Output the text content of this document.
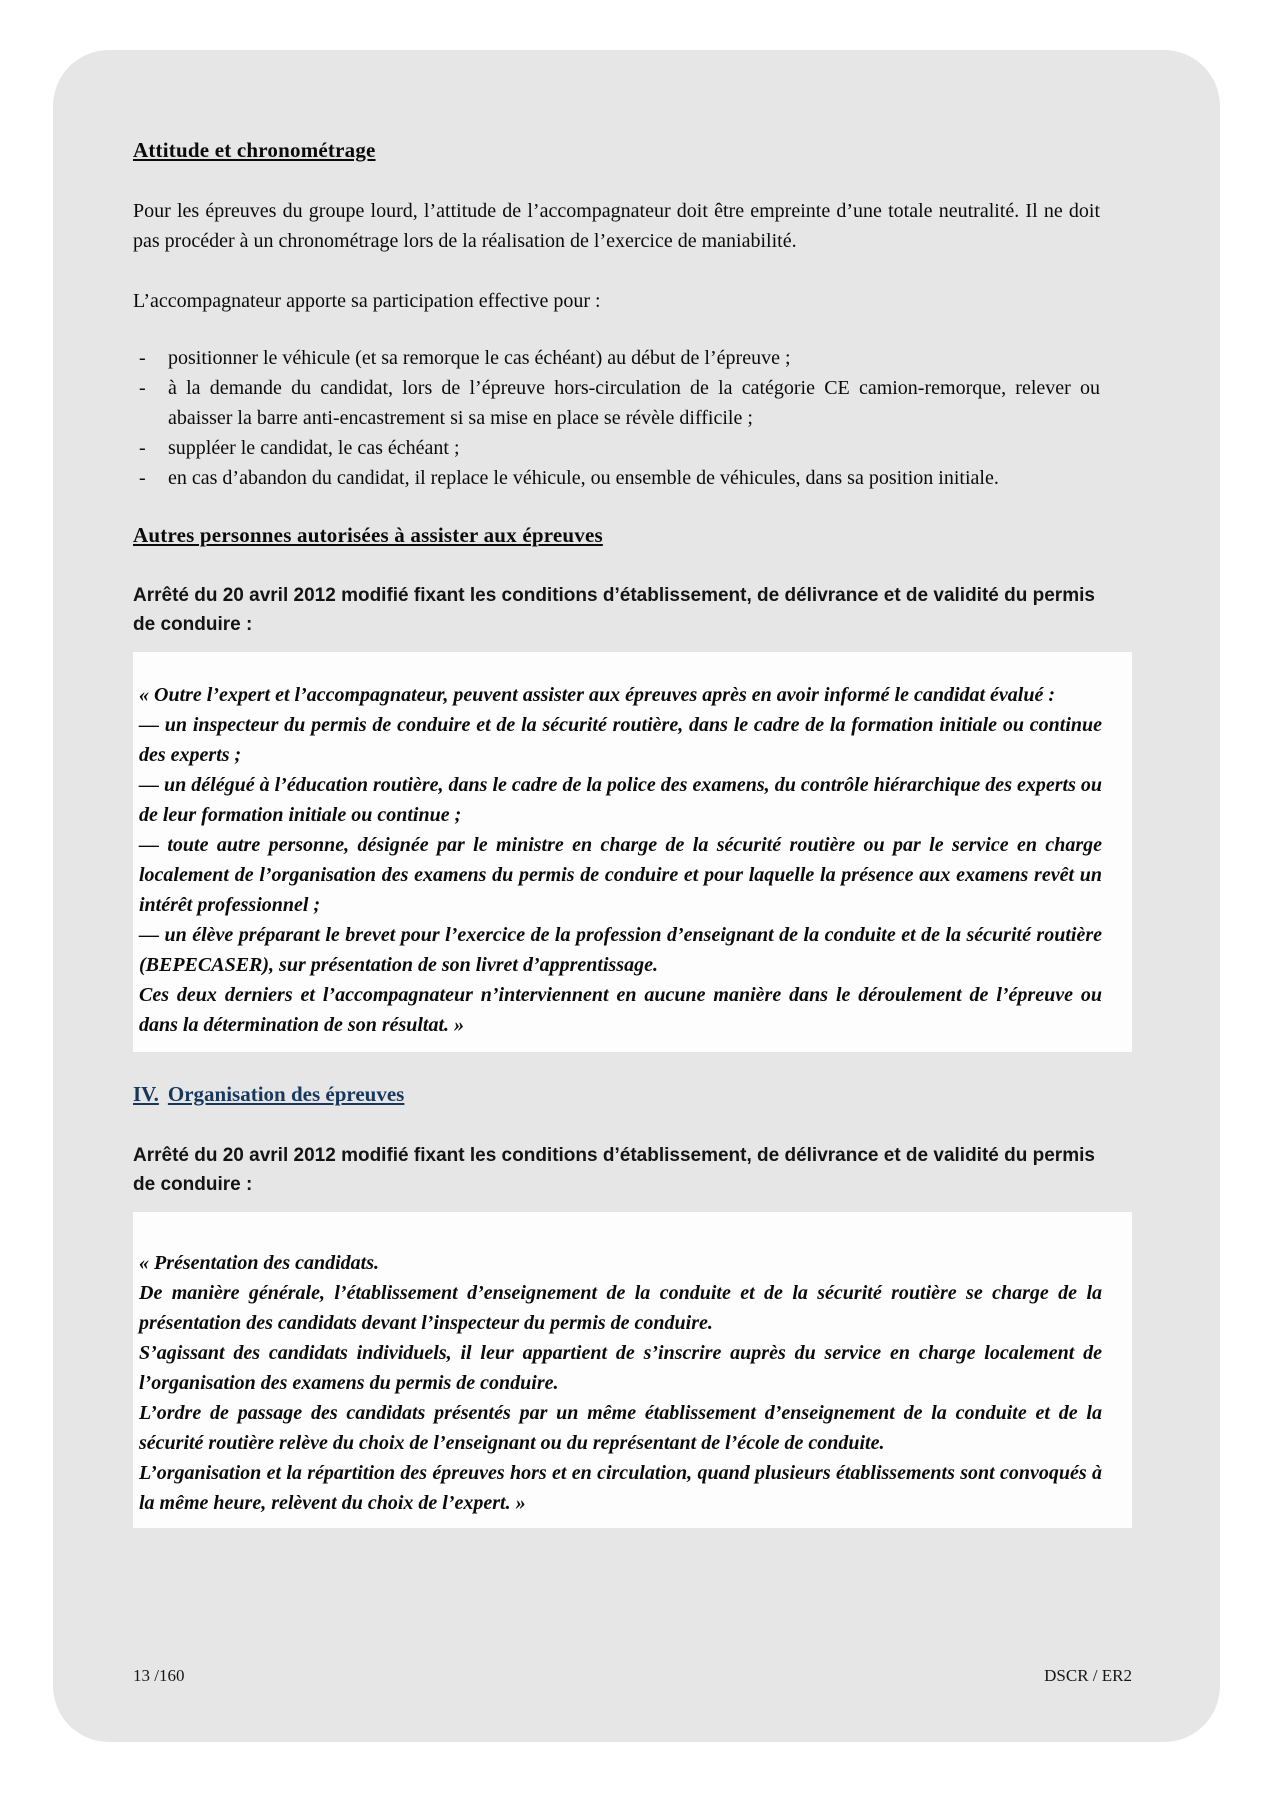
Attitude et chronométrage

Pour les épreuves du groupe lourd, l’attitude de l’accompagnateur doit être empreinte d’une totale neutralité. Il ne doit pas procéder à un chronométrage lors de la réalisation de l’exercice de maniabilité.

L’accompagnateur apporte sa participation effective pour :

-	positionner le véhicule (et sa remorque le cas échéant) au début de l’épreuve ;
-	à la demande du candidat, lors de l’épreuve hors-circulation de la catégorie CE camion-remorque, relever ou abaisser la barre anti-encastrement si sa mise en place se révèle difficile ;
-	suppléer le candidat, le cas échéant ;
-	en cas d’abandon du candidat, il replace le véhicule, ou ensemble de véhicules, dans sa position initiale.
Autres personnes autorisées à assister aux épreuves

Arrêté du 20 avril 2012 modifié fixant les conditions d’établissement, de délivrance et de validité du permis de conduire :

« Outre l’expert et l’accompagnateur, peuvent assister aux épreuves après en avoir informé le candidat évalué :

— un inspecteur du permis de conduire et de la sécurité routière, dans le cadre de la formation initiale ou continue des experts ;

— un délégué à l’éducation routière, dans le cadre de la police des examens, du contrôle hiérarchique des experts ou de leur formation initiale ou continue ;

— toute autre personne, désignée par le ministre en charge de la sécurité routière ou par le service en charge localement de l’organisation des examens du permis de conduire et pour laquelle la présence aux examens revêt un intérêt professionnel ;

— un élève préparant le brevet pour l’exercice de la profession d’enseignant de la conduite et de la sécurité routière (BEPECASER), sur présentation de son livret d’apprentissage.

Ces deux derniers et l’accompagnateur n’interviennent en aucune manière dans le déroulement de l’épreuve ou dans la détermination de son résultat. »

IV. Organisation des épreuves

Arrêté du 20 avril 2012 modifié fixant les conditions d’établissement, de délivrance et de validité du permis de conduire :

« Présentation des candidats.

De manière générale, l’établissement d’enseignement de la conduite et de la sécurité routière se charge de la présentation des candidats devant l’inspecteur du permis de conduire.

S’agissant des candidats individuels, il leur appartient de s’inscrire auprès du service en charge localement de l’organisation des examens du permis de conduire.

L’ordre de passage des candidats présentés par un même établissement d’enseignement de la conduite et de la sécurité routière relève du choix de l’enseignant ou du représentant de l’école de conduite.

L’organisation et la répartition des épreuves hors et en circulation, quand plusieurs établissements sont convoqués à la même heure, relèvent du choix de l’expert. »

13 /160	DSCR / ER2
